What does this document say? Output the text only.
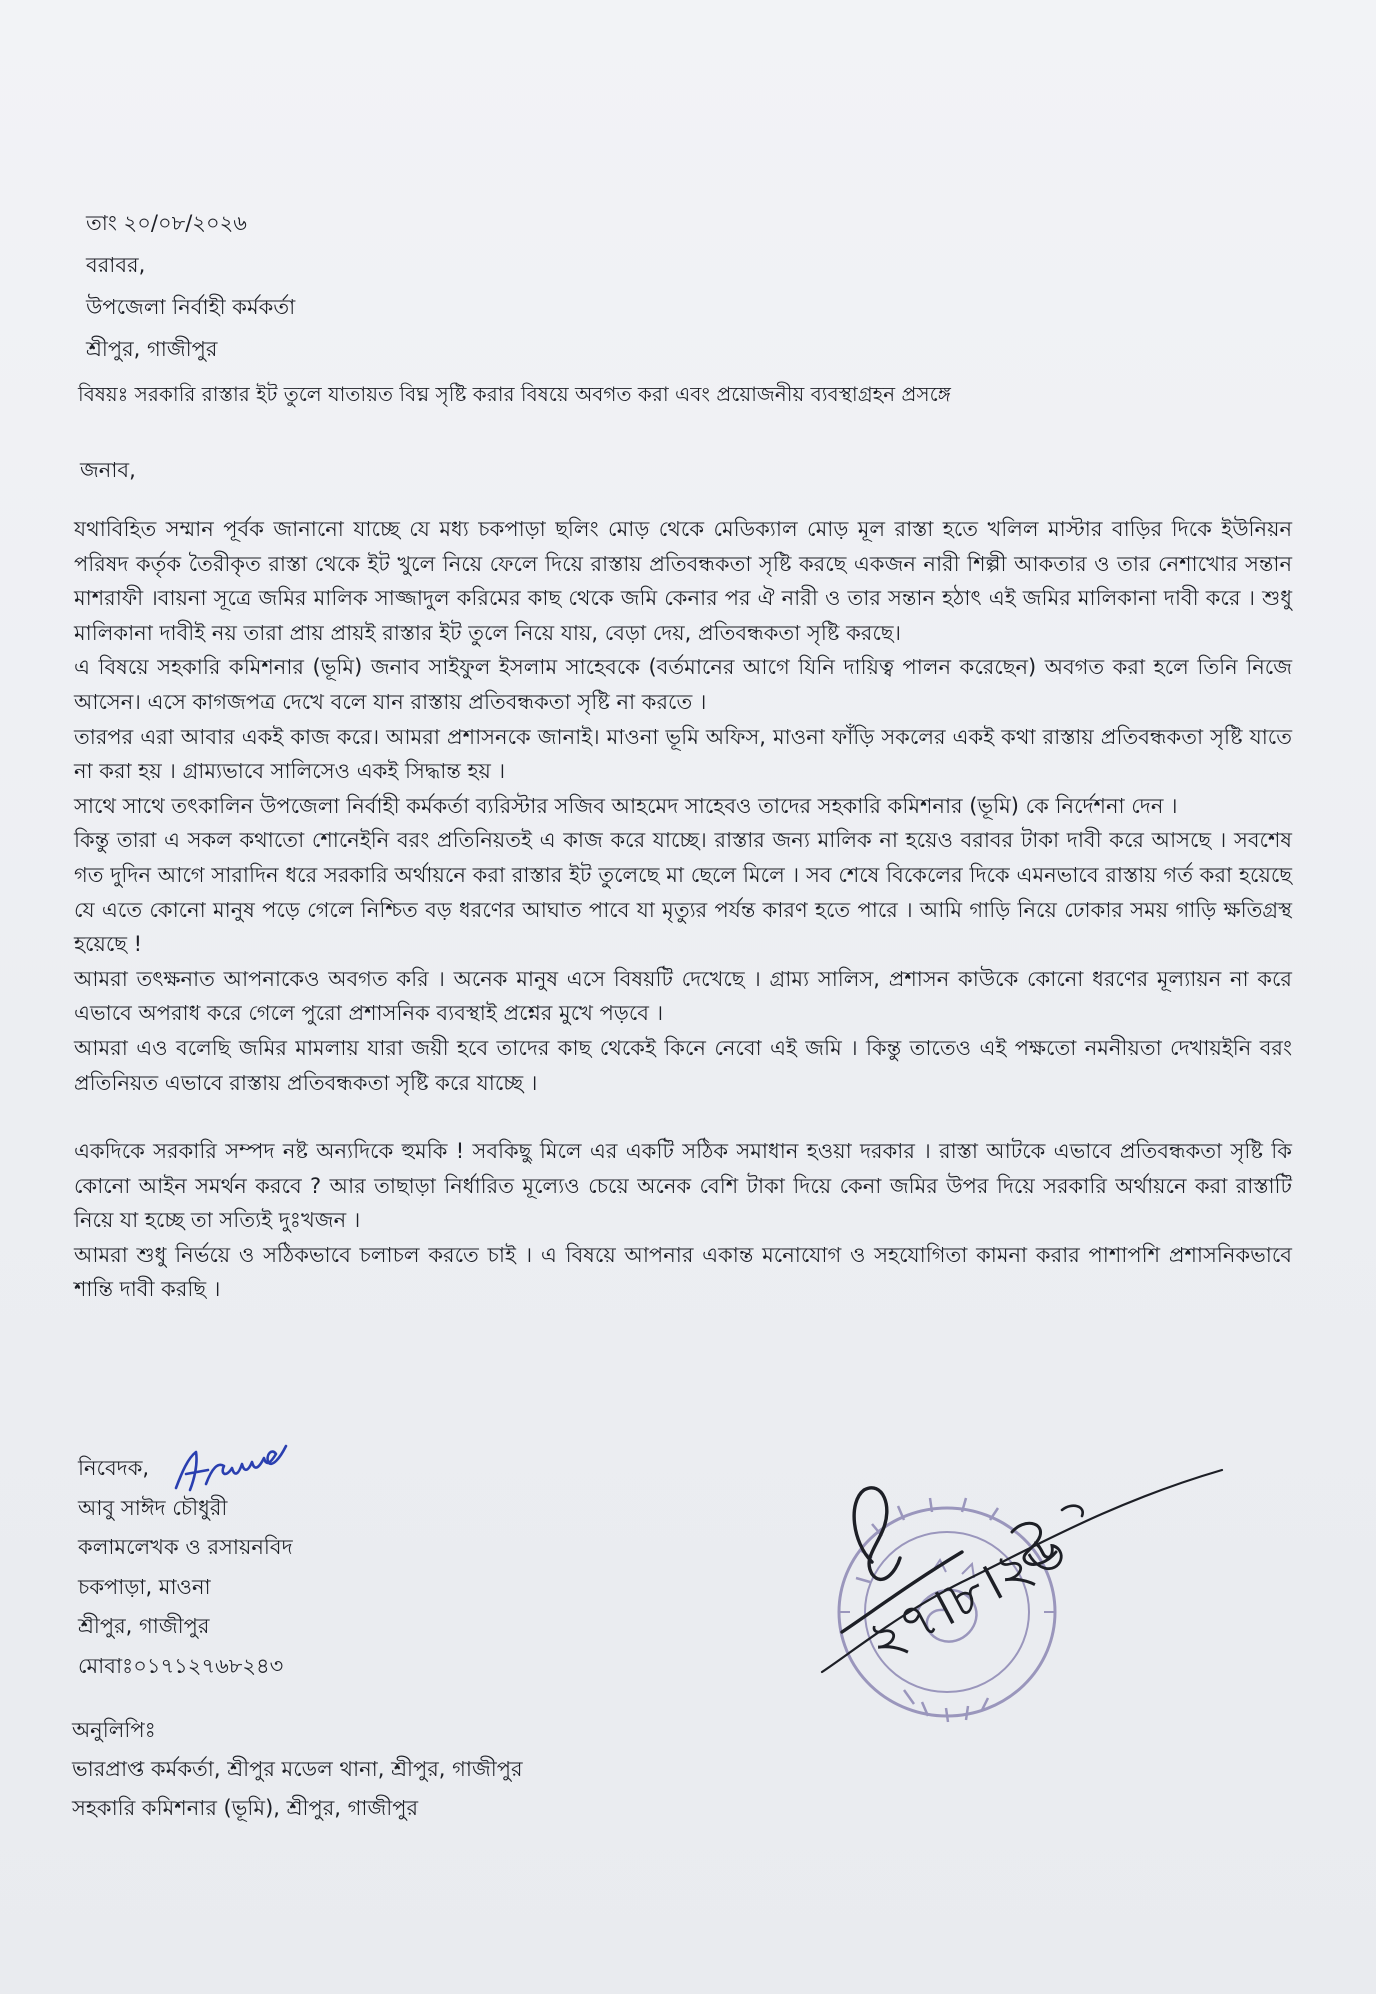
তাং ২০/০৮/২০২৬
বরাবর,
উপজেলা নির্বাহী কর্মকর্তা
শ্রীপুর, গাজীপুর
বিষয়ঃ সরকারি রাস্তার ইট তুলে যাতায়ত বিঘ্ন সৃষ্টি করার বিষয়ে অবগত করা এবং প্রয়োজনীয় ব্যবস্থাগ্রহন প্রসঙ্গে
জনাব,
যথাবিহিত সম্মান পূর্বক জানানো যাচ্ছে যে মধ্য চকপাড়া ছলিং মোড় থেকে মেডিক্যাল মোড় মূল রাস্তা হতে খলিল মাস্টার বাড়ির দিকে ইউনিয়ন পরিষদ কর্তৃক তৈরীকৃত রাস্তা থেকে ইট খুলে নিয়ে ফেলে দিয়ে রাস্তায় প্রতিবন্ধকতা সৃষ্টি করছে একজন নারী শিল্পী আকতার ও তার নেশাখোর সন্তান মাশরাফী ।বায়না সূত্রে জমির মালিক সাজ্জাদুল করিমের কাছ থেকে জমি কেনার পর ঐ নারী ও তার সন্তান হঠাৎ এই জমির মালিকানা দাবী করে । শুধু মালিকানা দাবীই নয় তারা প্রায় প্রায়ই রাস্তার ইট তুলে নিয়ে যায়, বেড়া দেয়, প্রতিবন্ধকতা সৃষ্টি করছে।
এ বিষয়ে সহকারি কমিশনার (ভূমি) জনাব সাইফুল ইসলাম সাহেবকে (বর্তমানের আগে যিনি দায়িত্ব পালন করেছেন) অবগত করা হলে তিনি নিজে আসেন। এসে কাগজপত্র দেখে বলে যান রাস্তায় প্রতিবন্ধকতা সৃষ্টি না করতে ।
তারপর এরা আবার একই কাজ করে। আমরা প্রশাসনকে জানাই। মাওনা ভূমি অফিস, মাওনা ফাঁড়ি সকলের একই কথা রাস্তায় প্রতিবন্ধকতা সৃষ্টি যাতে না করা হয় । গ্রাম্যভাবে সালিসেও একই সিদ্ধান্ত হয় ।
সাথে সাথে তৎকালিন উপজেলা নির্বাহী কর্মকর্তা ব্যরিস্টার সজিব আহমেদ সাহেবও তাদের সহকারি কমিশনার (ভূমি) কে নির্দেশনা দেন ।
কিন্তু তারা এ সকল কথাতো শোনেইনি বরং প্রতিনিয়তই এ কাজ করে যাচ্ছে। রাস্তার জন্য মালিক না হয়েও বরাবর টাকা দাবী করে আসছে । সবশেষ গত দুদিন আগে সারাদিন ধরে সরকারি অর্থায়নে করা রাস্তার ইট তুলেছে মা ছেলে মিলে । সব শেষে বিকেলের দিকে এমনভাবে রাস্তায় গর্ত করা হয়েছে যে এতে কোনো মানুষ পড়ে গেলে নিশ্চিত বড় ধরণের আঘাত পাবে যা মৃত্যুর পর্যন্ত কারণ হতে পারে । আমি গাড়ি নিয়ে ঢোকার সময় গাড়ি ক্ষতিগ্রস্থ হয়েছে !
আমরা তৎক্ষনাত আপনাকেও অবগত করি । অনেক মানুষ এসে বিষয়টি দেখেছে । গ্রাম্য সালিস, প্রশাসন কাউকে কোনো ধরণের মূল্যায়ন না করে এভাবে অপরাধ করে গেলে পুরো প্রশাসনিক ব্যবস্থাই প্রশ্নের মুখে পড়বে ।
আমরা এও বলেছি জমির মামলায় যারা জয়ী হবে তাদের কাছ থেকেই কিনে নেবো এই জমি । কিন্তু তাতেও এই পক্ষতো নমনীয়তা দেখায়ইনি বরং প্রতিনিয়ত এভাবে রাস্তায় প্রতিবন্ধকতা সৃষ্টি করে যাচ্ছে ।
একদিকে সরকারি সম্পদ নষ্ট অন্যদিকে হুমকি ! সবকিছু মিলে এর একটি সঠিক সমাধান হওয়া দরকার । রাস্তা আটকে এভাবে প্রতিবন্ধকতা সৃষ্টি কি কোনো আইন সমর্থন করবে ? আর তাছাড়া নির্ধারিত মূল্যেও চেয়ে অনেক বেশি টাকা দিয়ে কেনা জমির উপর দিয়ে সরকারি অর্থায়নে করা রাস্তাটি নিয়ে যা হচ্ছে তা সত্যিই দুঃখজন ।
আমরা শুধু নির্ভয়ে ও সঠিকভাবে চলাচল করতে চাই । এ বিষয়ে আপনার একান্ত মনোযোগ ও সহযোগিতা কামনা করার পাশাপশি প্রশাসনিকভাবে শান্তি দাবী করছি ।
নিবেদক,
আবু সাঈদ চৌধুরী
কলামলেখক ও রসায়নবিদ
চকপাড়া, মাওনা
শ্রীপুর, গাজীপুর
মোবাঃ০১৭১২৭৬৮২৪৩	২৭।৮।২৬
অনুলিপিঃ
ভারপ্রাপ্ত কর্মকর্তা, শ্রীপুর মডেল থানা, শ্রীপুর, গাজীপুর
সহকারি কমিশনার (ভূমি), শ্রীপুর, গাজীপুর
